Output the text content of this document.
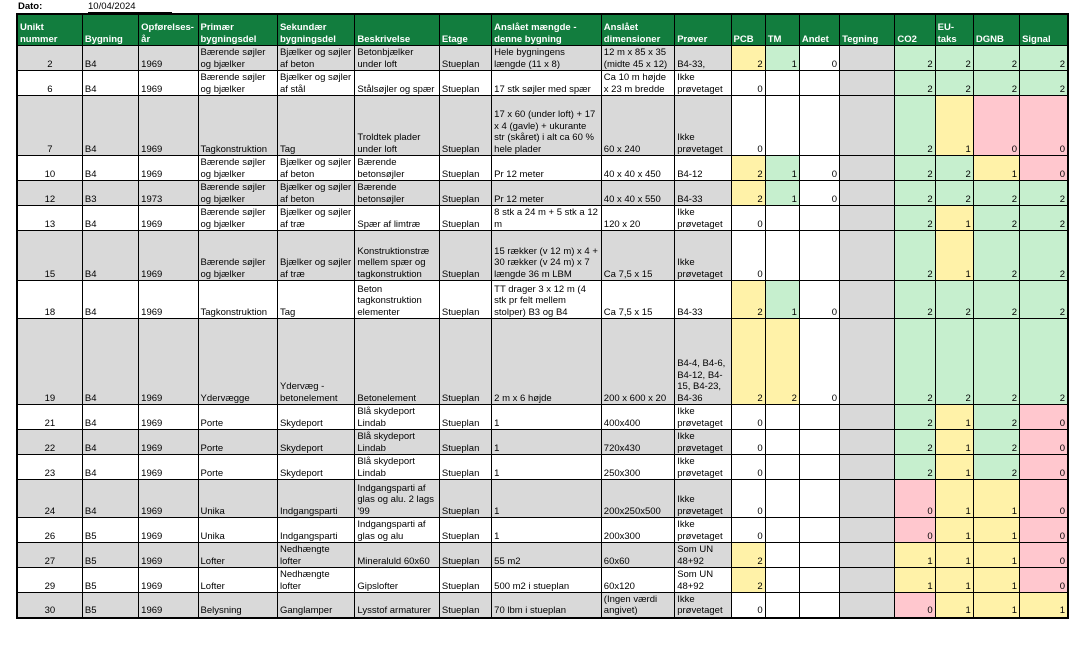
Dato:	10/04/2024
Unikt nummer	Bygning	Opførelses-år	Primær bygningsdel	Sekundær bygningsdel	Beskrivelse	Etage	Anslået mængde - denne bygning	Anslået dimensioner	Prøver	PCB	TM	Andet	Tegning	CO2	EU-taks	DGNB	Signal
2	B4	1969	Bærende søjler og bjælker	Bjælker og søjler af beton	Betonbjælker under loft	Stueplan	Hele bygningens længde (11 x 8)	12 m x 85 x 35 (midte 45 x 12)	B4-33,	2	1	0		2	2	2	2
6	B4	1969	Bærende søjler og bjælker	Bjælker og søjler af stål	Stålsøjler og spær	Stueplan	17 stk søjler med spær	Ca 10 m højde x 23 m bredde	Ikke prøvetaget	0				2	2	2	2
7	B4	1969	Tagkonstruktion	Tag	Troldtek plader under loft	Stueplan	17 x 60 (under loft) + 17 x 4 (gavle) + ukurante str (skåret) i alt ca 60 % hele plader	60 x 240	Ikke prøvetaget	0				2	1	0	0
10	B4	1969	Bærende søjler og bjælker	Bjælker og søjler af beton	Bærende betonsøjler	Stueplan	Pr 12 meter	40 x 40 x 450	B4-12	2	1	0		2	2	1	0
12	B3	1973	Bærende søjler og bjælker	Bjælker og søjler af beton	Bærende betonsøjler	Stueplan	Pr 12 meter	40 x 40 x 550	B4-33	2	1	0		2	2	2	2
13	B4	1969	Bærende søjler og bjælker	Bjælker og søjler af træ	Spær af limtræ	Stueplan	8 stk a 24 m + 5 stk a 12 m	120 x 20	Ikke prøvetaget	0				2	1	2	2
15	B4	1969	Bærende søjler og bjælker	Bjælker og søjler af træ	Konstruktionstræ mellem spær og tagkonstruktion	Stueplan	15 rækker (v 12 m) x 4 + 30 rækker (v 24 m) x 7 længde 36 m LBM	Ca 7,5 x 15	Ikke prøvetaget	0				2	1	2	2
18	B4	1969	Tagkonstruktion	Tag	Beton tagkonstruktion elementer	Stueplan	TT drager 3 x 12 m (4 stk pr felt mellem stolper) B3 og B4	Ca 7,5 x 15	B4-33	2	1	0		2	2	2	2
19	B4	1969	Ydervægge	Ydervæg - betonelement	Betonelement	Stueplan	2 m x 6 højde	200 x 600 x 20	B4-4, B4-6, B4-12, B4-15, B4-23, B4-36	2	2	0		2	2	2	2
21	B4	1969	Porte	Skydeport	Blå skydeport Lindab	Stueplan	1	400x400	Ikke prøvetaget	0				2	1	2	0
22	B4	1969	Porte	Skydeport	Blå skydeport Lindab	Stueplan	1	720x430	Ikke prøvetaget	0				2	1	2	0
23	B4	1969	Porte	Skydeport	Blå skydeport Lindab	Stueplan	1	250x300	Ikke prøvetaget	0				2	1	2	0
24	B4	1969	Unika	Indgangsparti	Indgangsparti af glas og alu. 2 lags '99	Stueplan	1	200x250x500	Ikke prøvetaget	0				0	1	1	0
26	B5	1969	Unika	Indgangsparti	Indgangsparti af glas og alu	Stueplan	1	200x300	Ikke prøvetaget	0				0	1	1	0
27	B5	1969	Lofter	Nedhængte lofter	Mineraluld 60x60	Stueplan	55 m2	60x60	Som UN 48+92	2				1	1	1	0
29	B5	1969	Lofter	Nedhængte lofter	Gipslofter	Stueplan	500 m2 i stueplan	60x120	Som UN 48+92	2				1	1	1	0
30	B5	1969	Belysning	Ganglamper	Lysstof armaturer	Stueplan	70 lbm i stueplan	(Ingen værdi angivet)	Ikke prøvetaget	0				0	1	1	1
